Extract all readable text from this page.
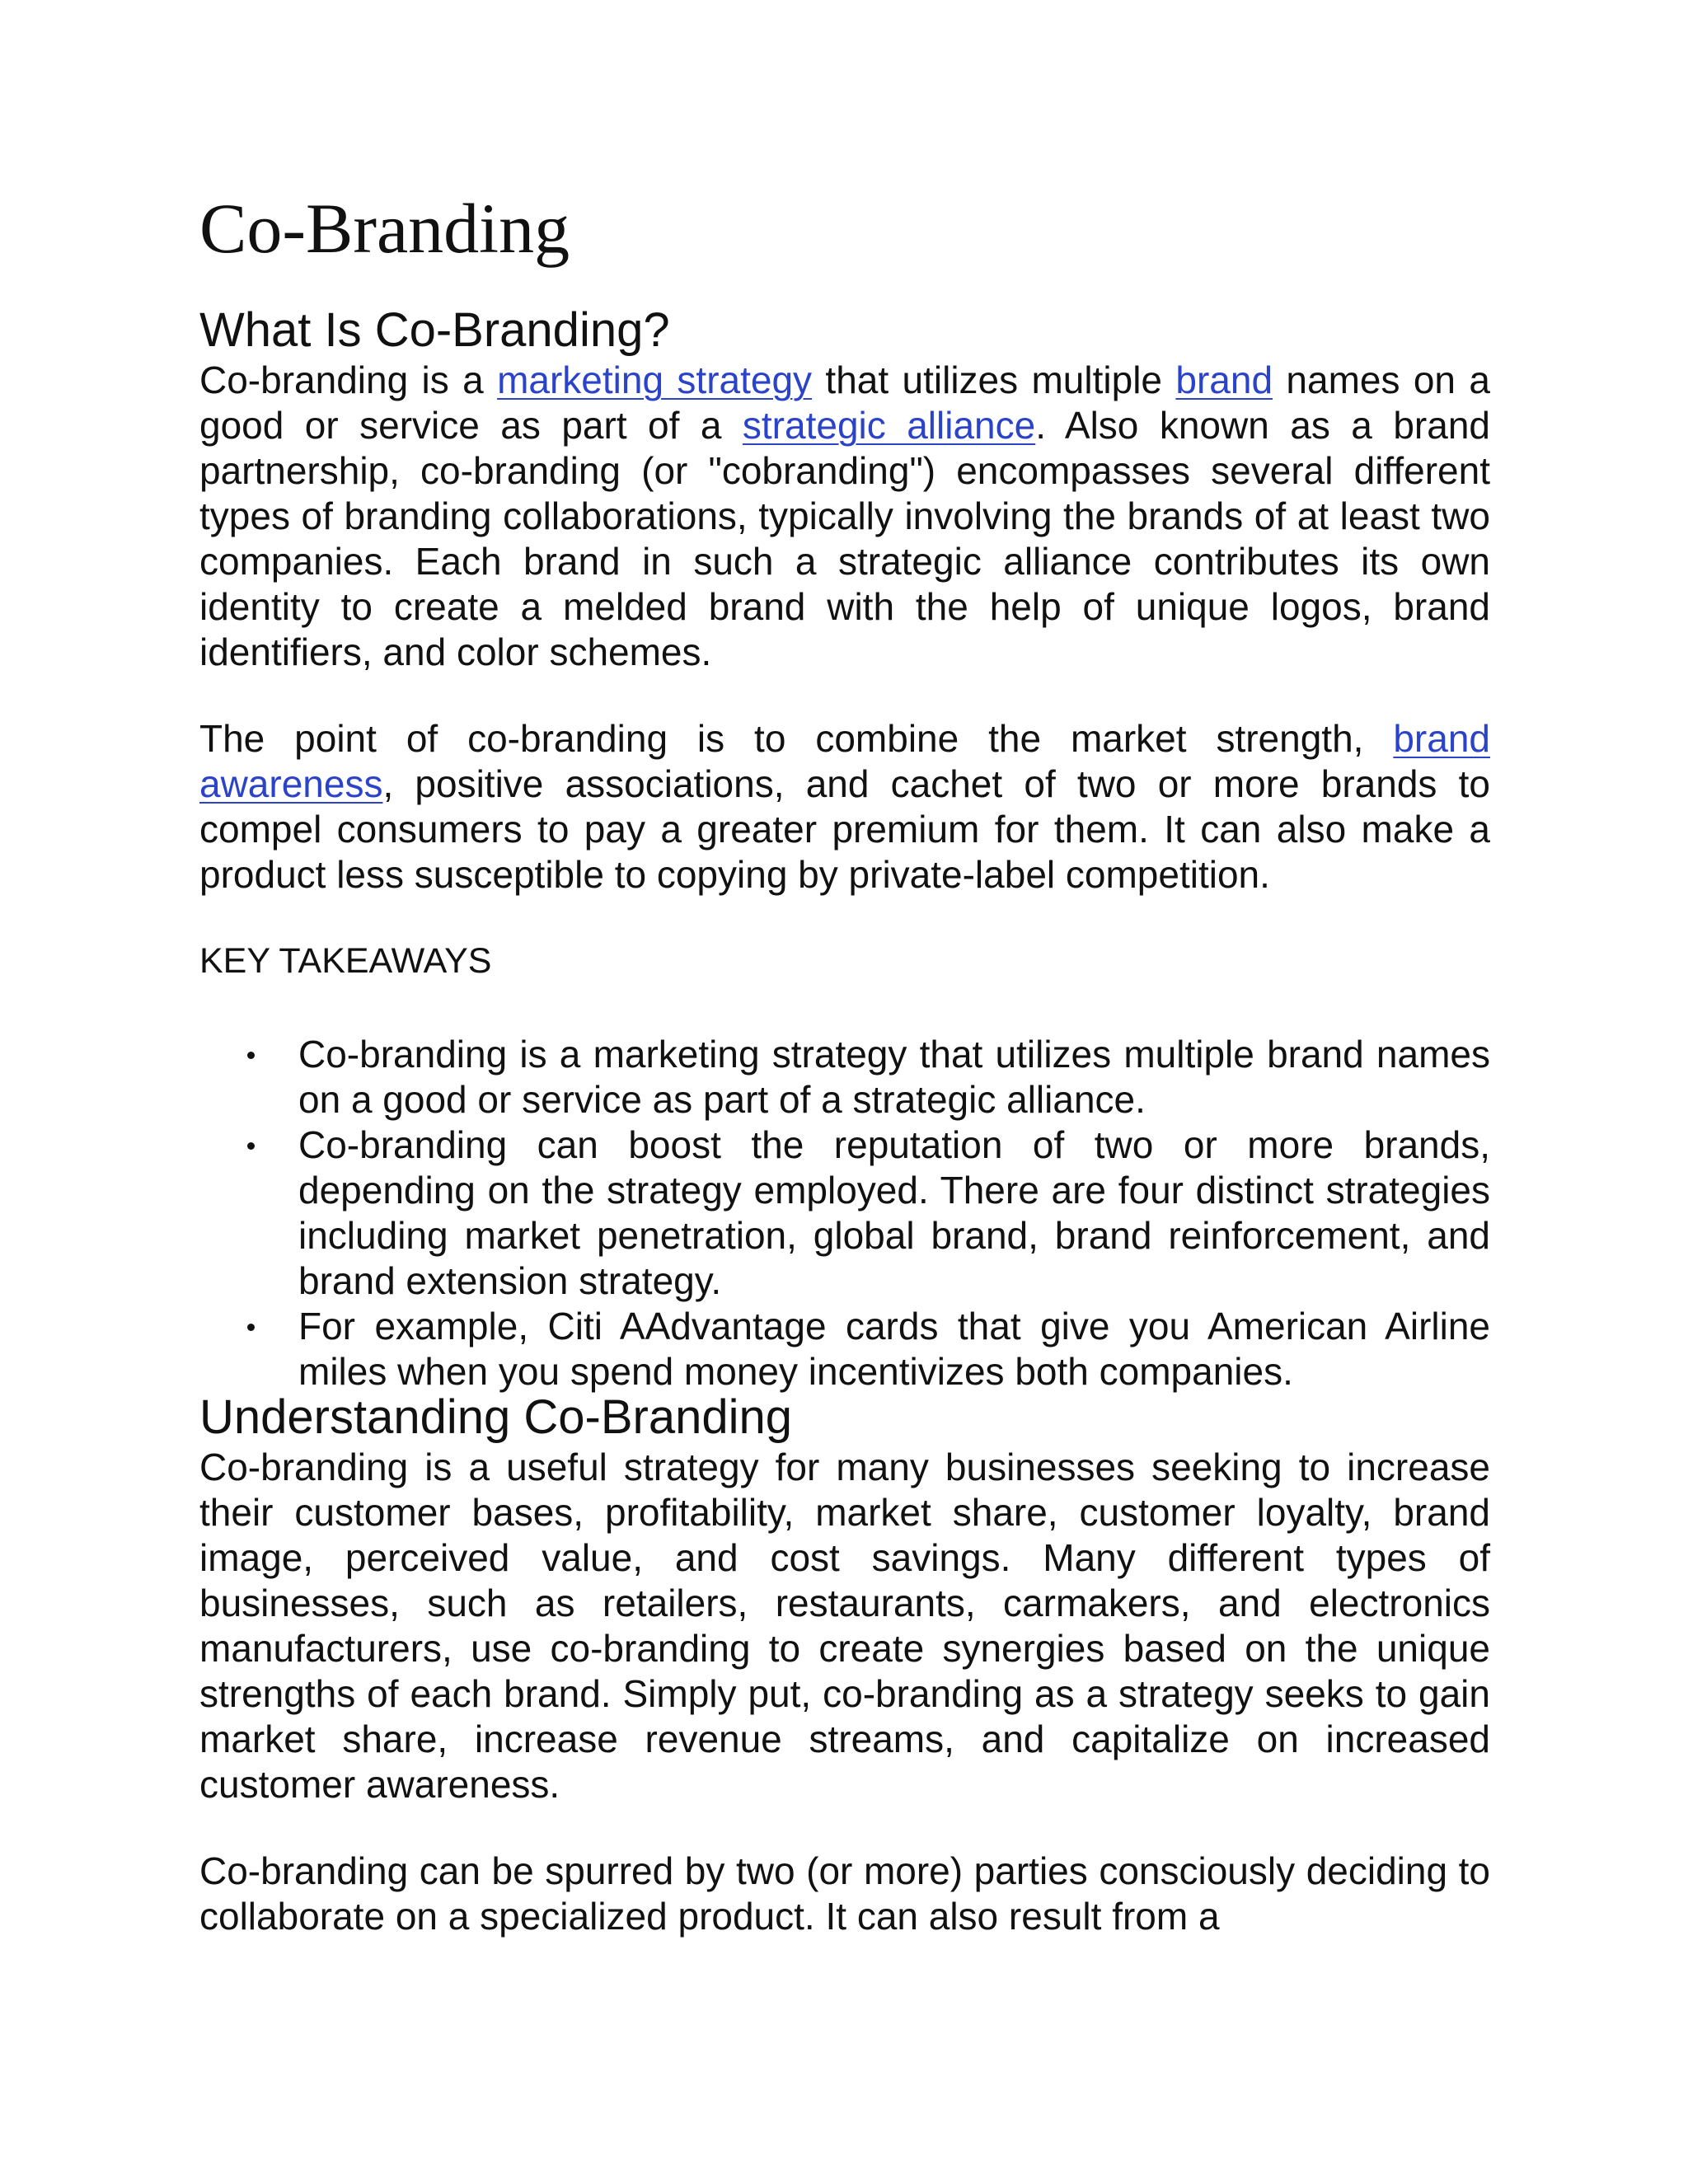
Co-Branding
What Is Co-Branding?

Co-branding is a marketing strategy that utilizes multiple brand names on a good or service as part of a strategic alliance. Also known as a brand partnership, co-branding (or "cobranding") encompasses several different types of branding collaborations, typically involving the brands of at least two companies. Each brand in such a strategic alliance contributes its own identity to create a melded brand with the help of unique logos, brand identifiers, and color schemes.

The point of co-branding is to combine the market strength, brand awareness, positive associations, and cachet of two or more brands to compel consumers to pay a greater premium for them. It can also make a product less susceptible to copying by private-label competition.

KEY TAKEAWAYS
Co-branding is a marketing strategy that utilizes multiple brand names on a good or service as part of a strategic alliance.
Co-branding can boost the reputation of two or more brands, depending on the strategy employed. There are four distinct strategies including market penetration, global brand, brand reinforcement, and brand extension strategy.
For example, Citi AAdvantage cards that give you American Airline miles when you spend money incentivizes both companies.
Understanding Co-Branding

Co-branding is a useful strategy for many businesses seeking to increase their customer bases, profitability, market share, customer loyalty, brand image, perceived value, and cost savings. Many different types of businesses, such as retailers, restaurants, carmakers, and electronics manufacturers, use co-branding to create synergies based on the unique strengths of each brand. Simply put, co-branding as a strategy seeks to gain market share, increase revenue streams, and capitalize on increased customer awareness.

Co-branding can be spurred by two (or more) parties consciously deciding to collaborate on a specialized product. It can also result from a
